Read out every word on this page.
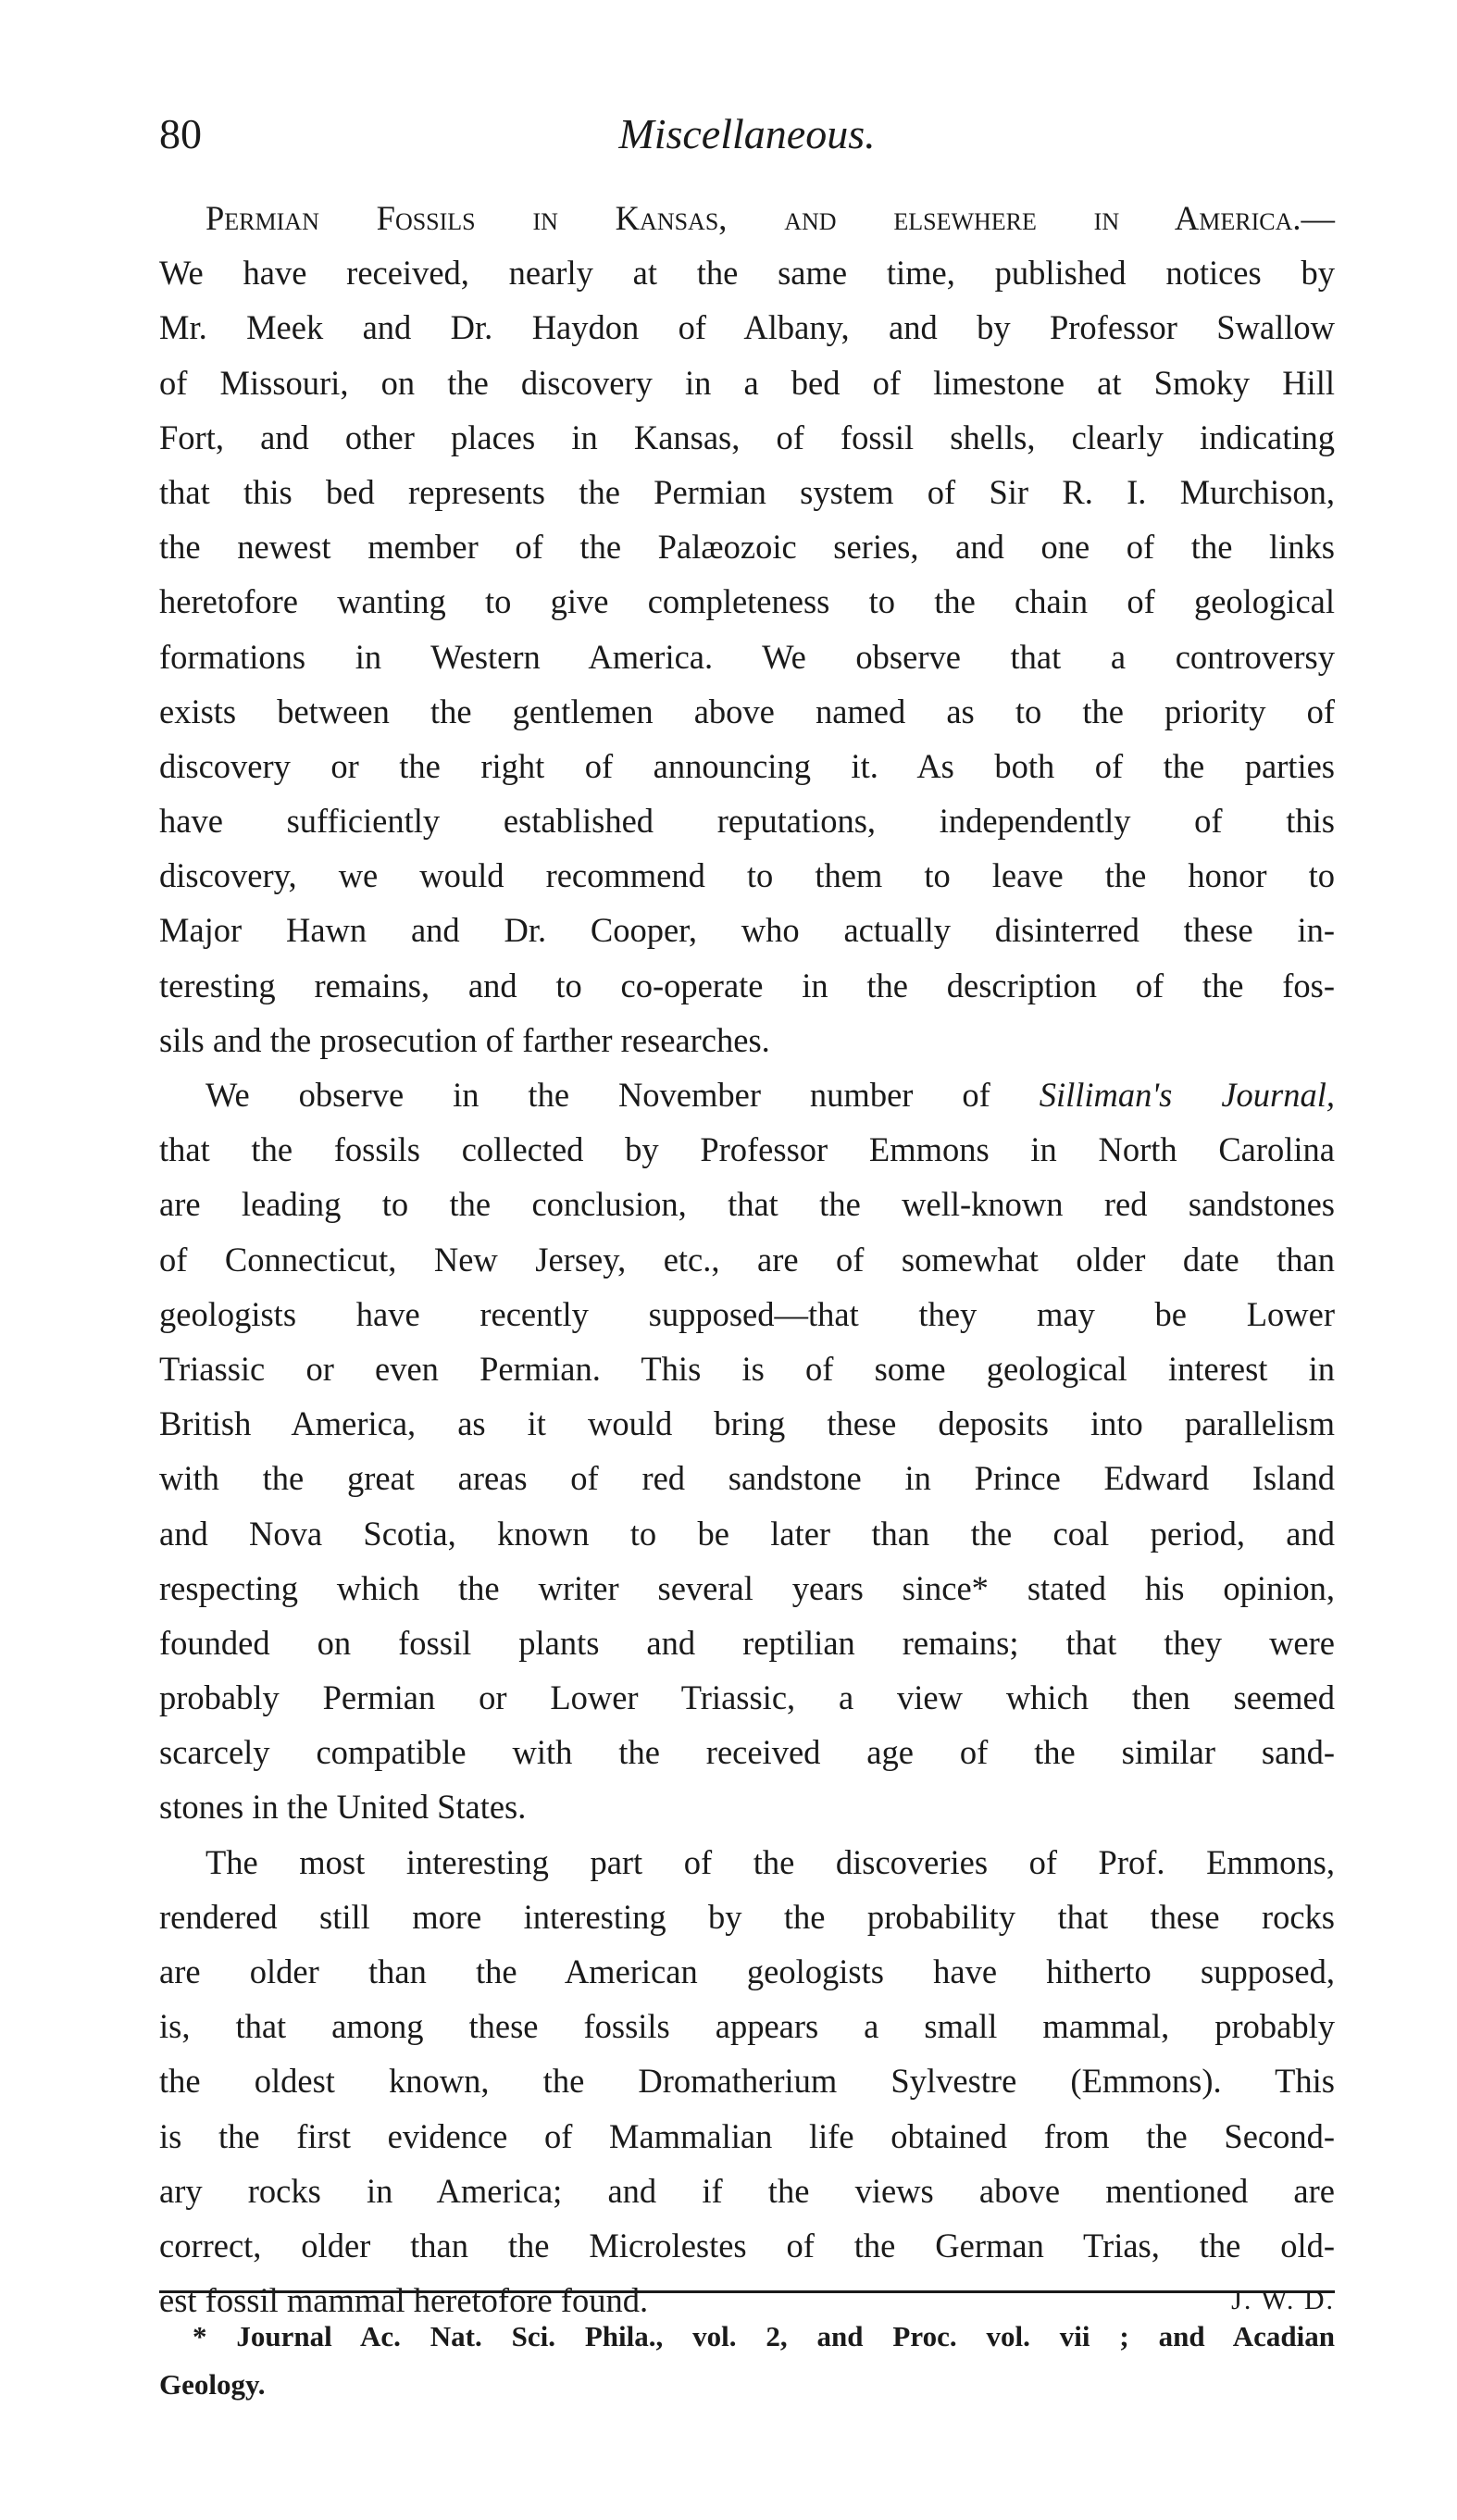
80	Miscellaneous.
Permian Fossils in Kansas, and elsewhere in America.—
We have received, nearly at the same time, published notices by
Mr. Meek and Dr. Haydon of Albany, and by Professor Swallow
of Missouri, on the discovery in a bed of limestone at Smoky Hill
Fort, and other places in Kansas, of fossil shells, clearly indicating
that this bed represents the Permian system of Sir R. I. Murchison,
the newest member of the Palæozoic series, and one of the links
heretofore wanting to give completeness to the chain of geological
formations in Western America. We observe that a controversy
exists between the gentlemen above named as to the priority of
discovery or the right of announcing it. As both of the parties
have sufficiently established reputations, independently of this
discovery, we would recommend to them to leave the honor to
Major Hawn and Dr. Cooper, who actually disinterred these in-
teresting remains, and to co-operate in the description of the fos-
sils and the prosecution of farther researches.
We observe in the November number of Silliman's Journal,
that the fossils collected by Professor Emmons in North Carolina
are leading to the conclusion, that the well-known red sandstones
of Connecticut, New Jersey, etc., are of somewhat older date than
geologists have recently supposed—that they may be Lower
Triassic or even Permian. This is of some geological interest in
British America, as it would bring these deposits into parallelism
with the great areas of red sandstone in Prince Edward Island
and Nova Scotia, known to be later than the coal period, and
respecting which the writer several years since* stated his opinion,
founded on fossil plants and reptilian remains; that they were
probably Permian or Lower Triassic, a view which then seemed
scarcely compatible with the received age of the similar sand-
stones in the United States.
The most interesting part of the discoveries of Prof. Emmons,
rendered still more interesting by the probability that these rocks
are older than the American geologists have hitherto supposed,
is, that among these fossils appears a small mammal, probably
the oldest known, the Dromatherium Sylvestre (Emmons). This
is the first evidence of Mammalian life obtained from the Second-
ary rocks in America; and if the views above mentioned are
correct, older than the Microlestes of the German Trias, the old-
est fossil mammal heretofore found.	J. W. D.
* Journal Ac. Nat. Sci. Phila., vol. 2, and Proc. vol. vii ; and Acadian
Geology.
